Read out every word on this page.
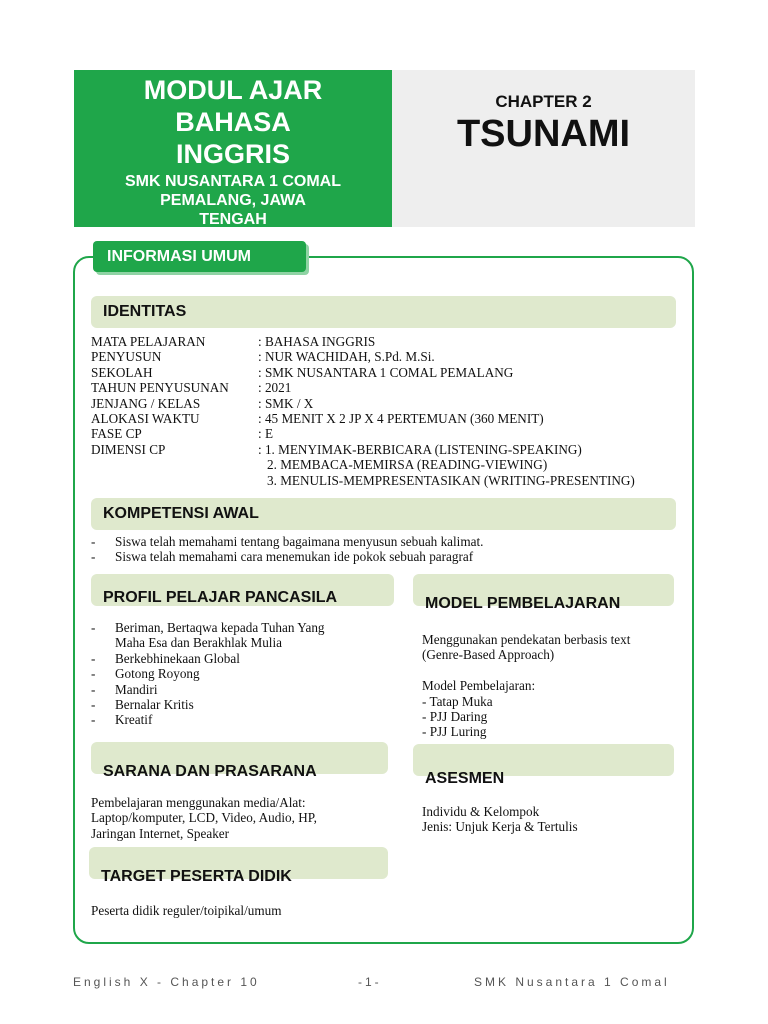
MODUL AJAR
BAHASA
INGGRIS
SMK NUSANTARA 1 COMAL
PEMALANG, JAWA
TENGAH
CHAPTER 2
TSUNAMI
INFORMASI UMUM
IDENTITAS
MATA PELAJARAN	: BAHASA INGGRIS
PENYUSUN	: NUR WACHIDAH, S.Pd. M.Si.
SEKOLAH	: SMK NUSANTARA 1 COMAL PEMALANG
TAHUN PENYUSUNAN	: 2021
JENJANG / KELAS	: SMK / X
ALOKASI WAKTU	: 45 MENIT X 2 JP X 4 PERTEMUAN (360 MENIT)
FASE CP	: E
DIMENSI CP	: 1. MENYIMAK-BERBICARA (LISTENING-SPEAKING)
2. MEMBACA-MEMIRSA (READING-VIEWING)
3. MENULIS-MEMPRESENTASIKAN (WRITING-PRESENTING)
KOMPETENSI AWAL
- Siswa telah memahami tentang bagaimana menyusun sebuah kalimat.
- Siswa telah memahami cara menemukan ide pokok sebuah paragraf
PROFIL PELAJAR PANCASILA
- Beriman, Bertaqwa kepada Tuhan Yang
Maha Esa dan Berakhlak Mulia
- Berkebhinekaan Global
- Gotong Royong
- Mandiri
- Bernalar Kritis
- Kreatif
MODEL PEMBELAJARAN
Menggunakan pendekatan berbasis text
(Genre-Based Approach)
Model Pembelajaran:
- Tatap Muka
- PJJ Daring
- PJJ Luring
SARANA DAN PRASARANA
Pembelajaran menggunakan media/Alat:
Laptop/komputer, LCD, Video, Audio, HP,
Jaringan Internet, Speaker
ASESMEN
Individu & Kelompok
Jenis: Unjuk Kerja & Tertulis
TARGET PESERTA DIDIK
Peserta didik reguler/toipikal/umum
English X - Chapter 10	-1-	SMK Nusantara 1 Comal
